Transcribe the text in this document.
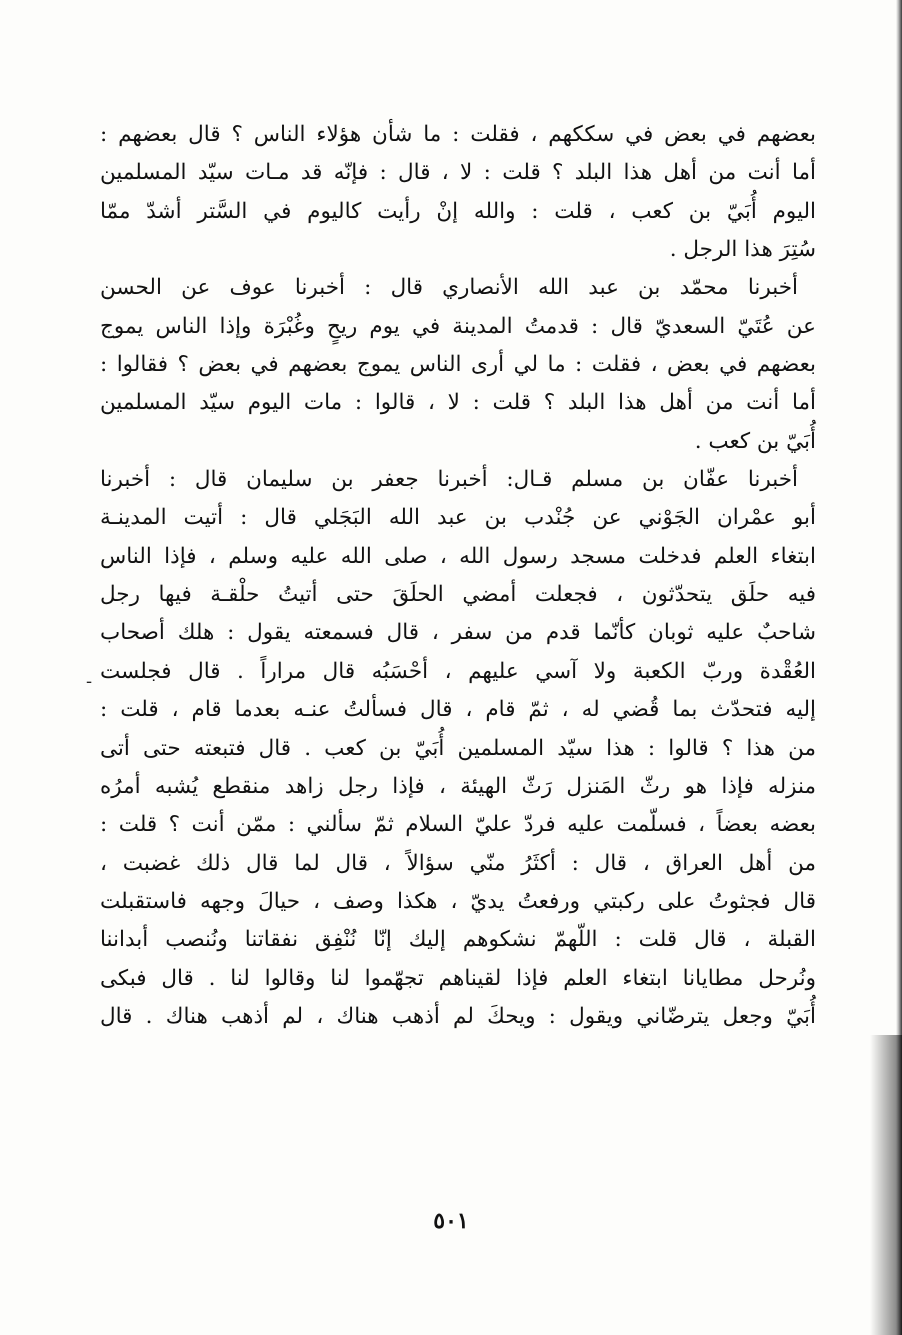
بعضهم في بعض في سككهم ، فقلت : ما شأن هؤلاء الناس ؟ قال بعضهم :
أما أنت من أهل هذا البلد ؟ قلت : لا ، قال : فإنّه قد مـات سيّد المسلمين
اليوم أُبَيّ بن كعب ، قلت : والله إنْ رأيت كاليوم في السَّتر أشدّ ممّا
سُتِرَ هذا الرجل .
أخبرنا محمّد بن عبد الله الأنصاري قال : أخبرنا عوف عن الحسن
عن عُتَيّ السعديّ قال : قدمتُ المدينة في يوم ريحٍ وغُبْرَة وإذا الناس يموج
بعضهم في بعض ، فقلت : ما لي أرى الناس يموج بعضهم في بعض ؟ فقالوا :
أما أنت من أهل هذا البلد ؟ قلت : لا ، قالوا : مات اليوم سيّد المسلمين
أُبَيّ بن كعب .
أخبرنا عفّان بن مسلم قـال: أخبرنا جعفر بن سليمان قال : أخبرنا
أبو عمْران الجَوْني عن جُنْدب بن عبد الله البَجَلي قال : أتيت المدينـة
ابتغاء العلم فدخلت مسجد رسول الله ، صلى الله عليه وسلم ، فإذا الناس
فيه حلَق يتحدّثون ، فجعلت أمضي الحلَقَ حتى أتيتُ حلْقـة فيها رجل
شاحبٌ عليه ثوبان كأنّما قدم من سفر ، قال فسمعته يقول : هلك أصحاب
العُقْدة وربّ الكعبة ولا آسي عليهم ، أحْسَبُه قال مراراً . قال فجلست
إليه فتحدّث بما قُضي له ، ثمّ قام ، قال فسألتُ عنـه بعدما قام ، قلت :
من هذا ؟ قالوا : هذا سيّد المسلمين أُبَيّ بن كعب . قال فتبعته حتى أتى
منزله فإذا هو رثّ المَنزل رَثّ الهيئة ، فإذا رجل زاهد منقطع يُشبه أمرُه
بعضه بعضاً ، فسلّمت عليه فردّ عليّ السلام ثمّ سألني : ممّن أنت ؟ قلت :
من أهل العراق ، قال : أكثَرُ منّي سؤالاً ، قال لما قال ذلك غضبت ،
قال فجثوتُ على ركبتي ورفعتُ يديّ ، هكذا وصف ، حيالَ وجهه فاستقبلت
القبلة ، قال قلت : اللّهمّ نشكوهم إليك إنّا نُنْفِق نفقاتنا ونُنصب أبداننا
ونُرحل مطايانا ابتغاء العلم فإذا لقيناهم تجهّموا لنا وقالوا لنا . قال فبكى
أُبَيّ وجعل يترضّاني ويقول : ويحكَ لم أذهب هناك ، لم أذهب هناك . قال
-
٥٠١
